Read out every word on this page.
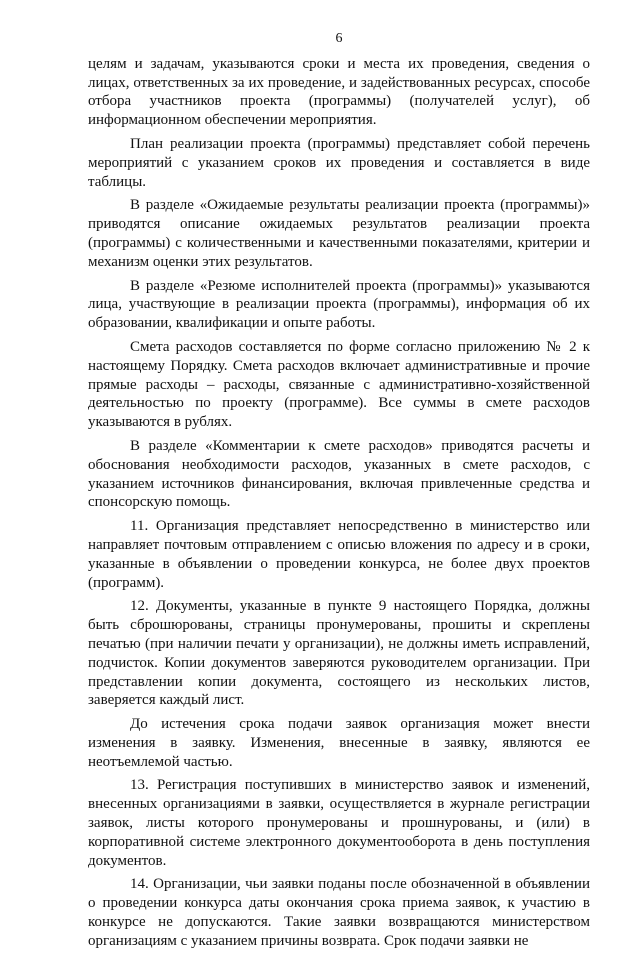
6

целям и задачам, указываются сроки и места их проведения, сведения о лицах, ответственных за их проведение, и задействованных ресурсах, способе отбора участников проекта (программы) (получателей услуг), об информационном обеспечении мероприятия.

План реализации проекта (программы) представляет собой перечень мероприятий с указанием сроков их проведения и составляется в виде таблицы.

В разделе «Ожидаемые результаты реализации проекта (программы)» приводятся описание ожидаемых результатов реализации проекта (программы) с количественными и качественными показателями, критерии и механизм оценки этих результатов.

В разделе «Резюме исполнителей проекта (программы)» указываются лица, участвующие в реализации проекта (программы), информация об их образовании, квалификации и опыте работы.

Смета расходов составляется по форме согласно приложению № 2 к настоящему Порядку. Смета расходов включает административные и прочие прямые расходы – расходы, связанные с административно-хозяйственной деятельностью по проекту (программе). Все суммы в смете расходов указываются в рублях.

В разделе «Комментарии к смете расходов» приводятся расчеты и обоснования необходимости расходов, указанных в смете расходов, с указанием источников финансирования, включая привлеченные средства и спонсорскую помощь.

11. Организация представляет непосредственно в министерство или направляет почтовым отправлением с описью вложения по адресу и в сроки, указанные в объявлении о проведении конкурса, не более двух проектов (программ).

12. Документы, указанные в пункте 9 настоящего Порядка, должны быть сброшюрованы, страницы пронумерованы, прошиты и скреплены печатью (при наличии печати у организации), не должны иметь исправлений, подчисток. Копии документов заверяются руководителем организации. При представлении копии документа, состоящего из нескольких листов, заверяется каждый лист.

До истечения срока подачи заявок организация может внести изменения в заявку. Изменения, внесенные в заявку, являются ее неотъемлемой частью.

13. Регистрация поступивших в министерство заявок и изменений, внесенных организациями в заявки, осуществляется в журнале регистрации заявок, листы которого пронумерованы и прошнурованы, и (или) в корпоративной системе электронного документооборота в день поступления документов.

14. Организации, чьи заявки поданы после обозначенной в объявлении о проведении конкурса даты окончания срока приема заявок, к участию в конкурсе не допускаются. Такие заявки возвращаются министерством организациям с указанием причины возврата. Срок подачи заявки не
